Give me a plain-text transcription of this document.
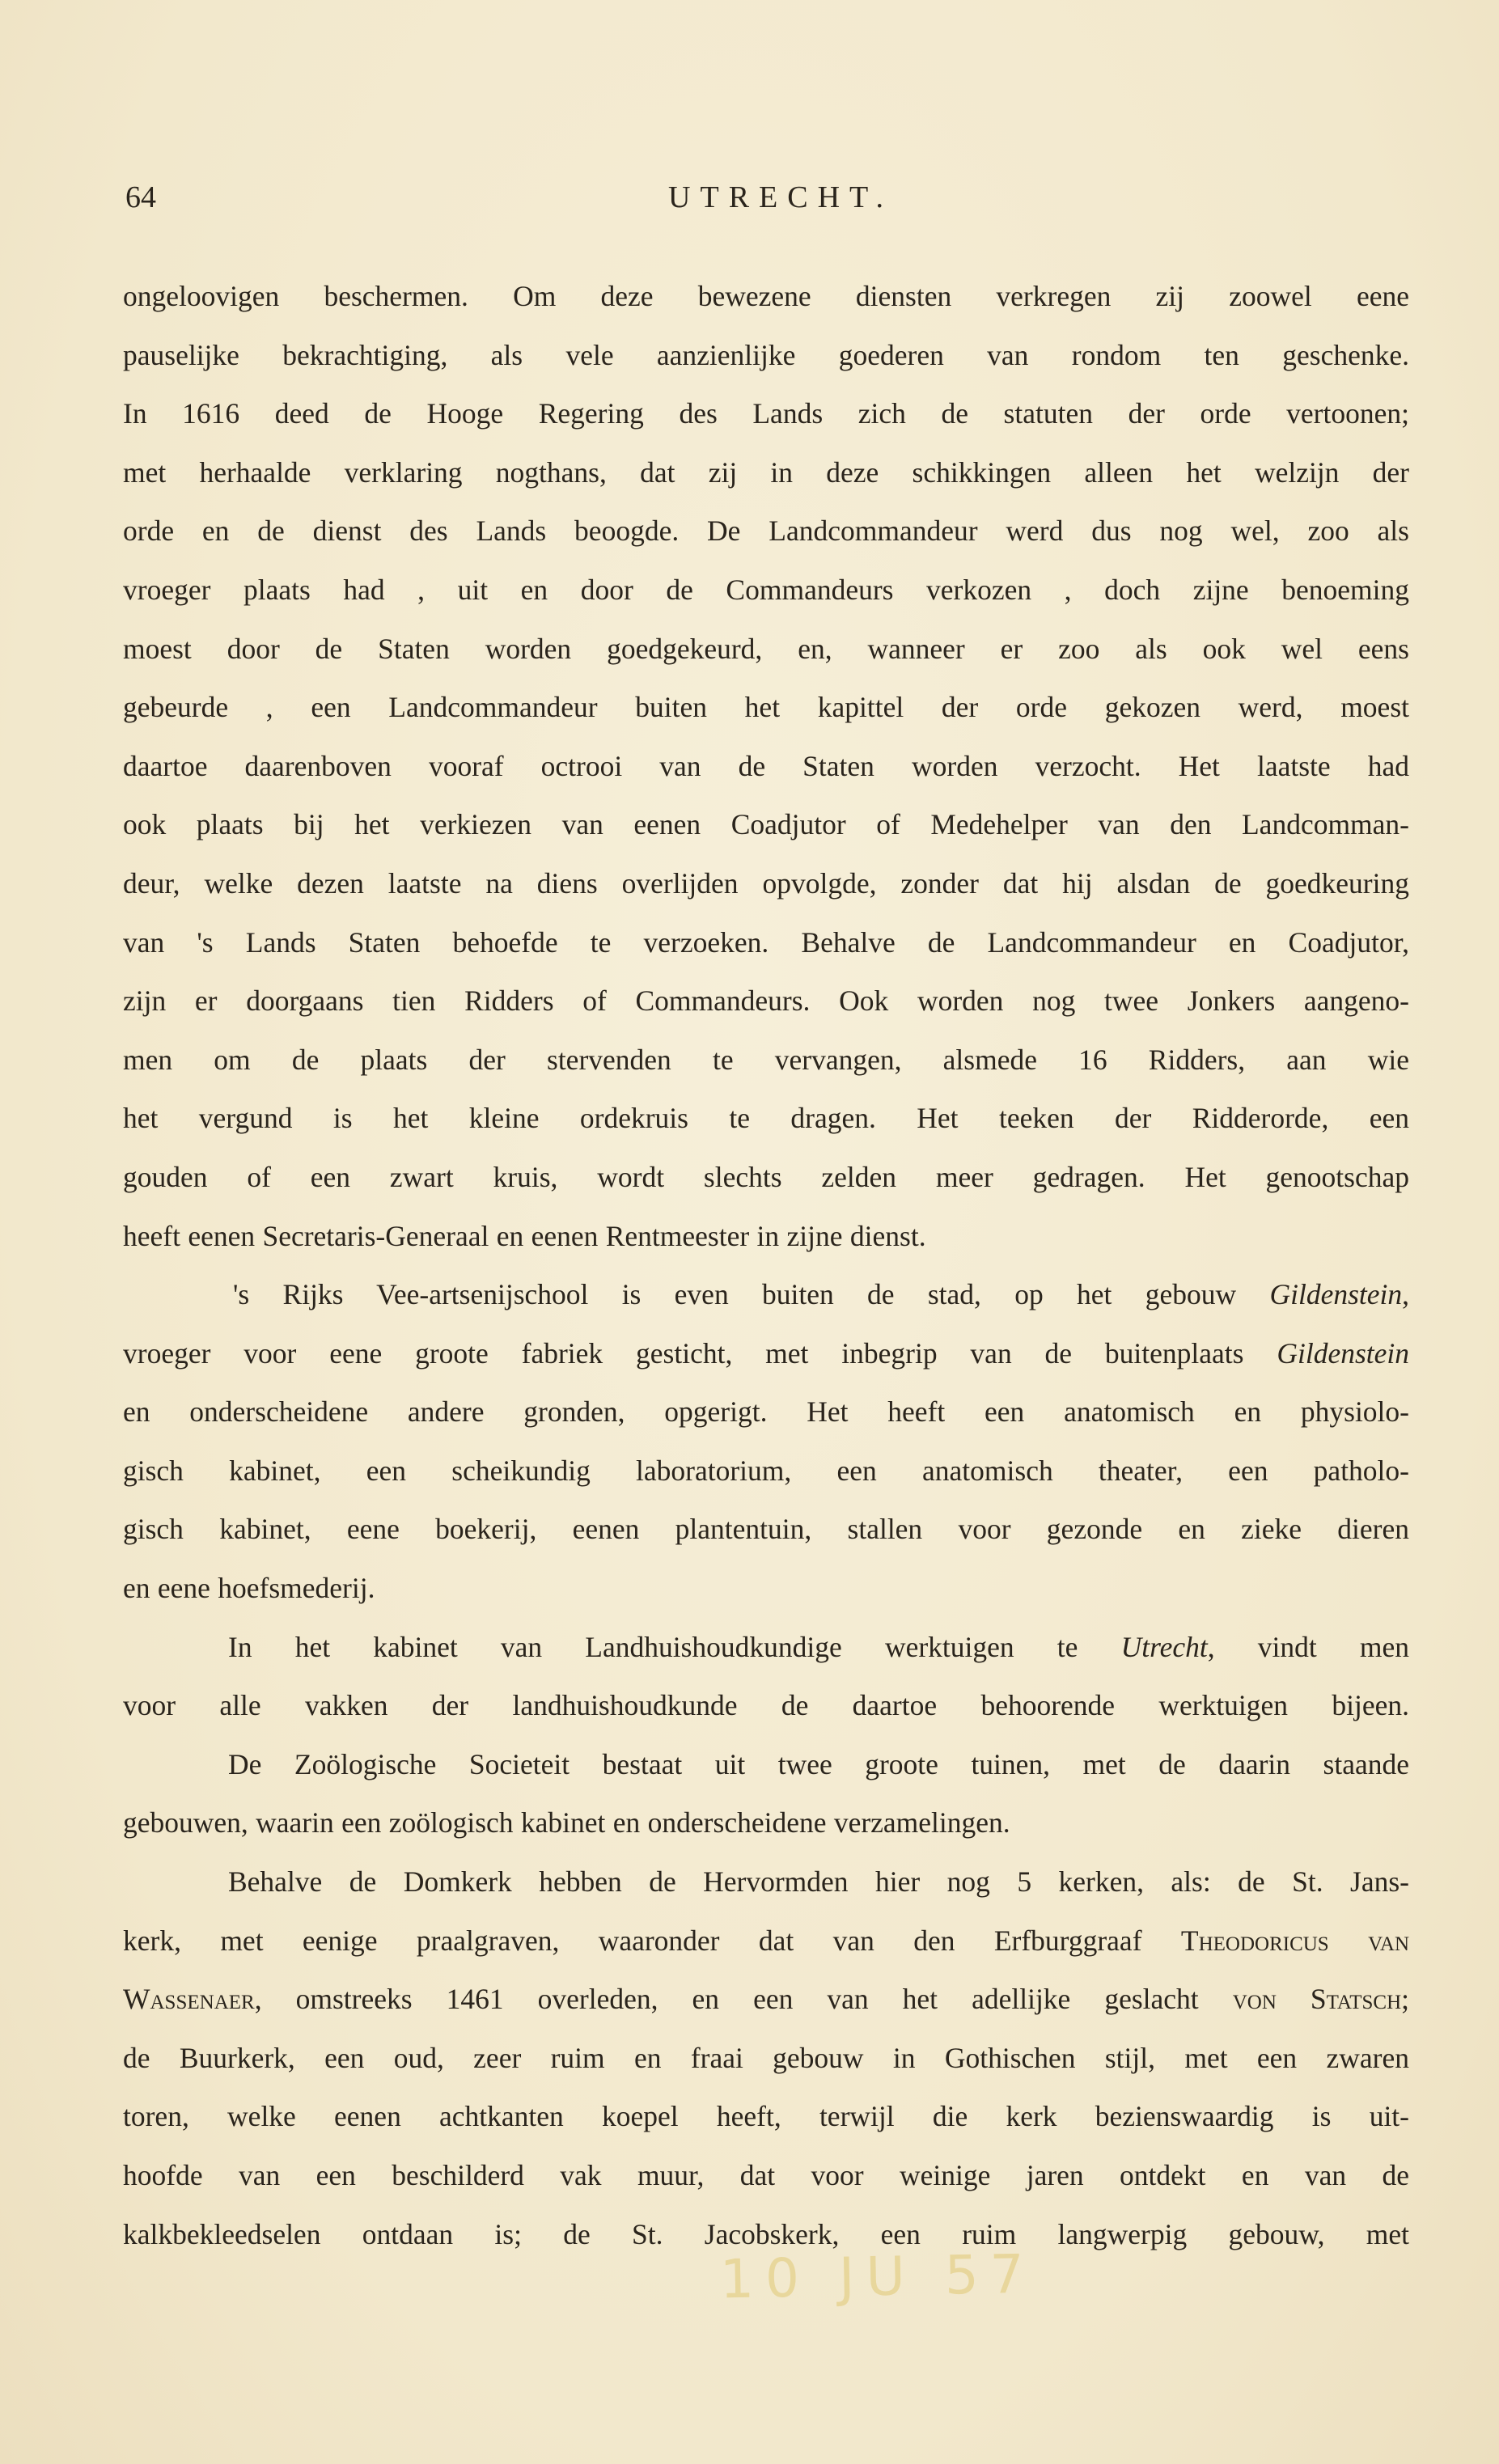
64	UTRECHT.
ongeloovigen beschermen. Om deze bewezene diensten verkregen zij zoowel eene
pauselijke bekrachtiging, als vele aanzienlijke goederen van rondom ten geschenke.
In 1616 deed de Hooge Regering des Lands zich de statuten der orde vertoonen;
met herhaalde verklaring nogthans, dat zij in deze schikkingen alleen het welzijn der
orde en de dienst des Lands beoogde. De Landcommandeur werd dus nog wel, zoo als
vroeger plaats had , uit en door de Commandeurs verkozen , doch zijne benoeming
moest door de Staten worden goedgekeurd, en, wanneer er zoo als ook wel eens
gebeurde , een Landcommandeur buiten het kapittel der orde gekozen werd, moest
daartoe daarenboven vooraf octrooi van de Staten worden verzocht. Het laatste had
ook plaats bij het verkiezen van eenen Coadjutor of Medehelper van den Landcomman-
deur, welke dezen laatste na diens overlijden opvolgde, zonder dat hij alsdan de goedkeuring
van 's Lands Staten behoefde te verzoeken. Behalve de Landcommandeur en Coadjutor,
zijn er doorgaans tien Ridders of Commandeurs. Ook worden nog twee Jonkers aangeno-
men om de plaats der stervenden te vervangen, alsmede 16 Ridders, aan wie
het vergund is het kleine ordekruis te dragen. Het teeken der Ridderorde, een
gouden of een zwart kruis, wordt slechts zelden meer gedragen. Het genootschap
heeft eenen Secretaris-Generaal en eenen Rentmeester in zijne dienst.
's Rijks Vee-artsenijschool is even buiten de stad, op het gebouw Gildenstein,
vroeger voor eene groote fabriek gesticht, met inbegrip van de buitenplaats Gildenstein
en onderscheidene andere gronden, opgerigt. Het heeft een anatomisch en physiolo-
gisch kabinet, een scheikundig laboratorium, een anatomisch theater, een patholo-
gisch kabinet, eene boekerij, eenen plantentuin, stallen voor gezonde en zieke dieren
en eene hoefsmederij.
In het kabinet van Landhuishoudkundige werktuigen te Utrecht, vindt men
voor alle vakken der landhuishoudkunde de daartoe behoorende werktuigen bijeen.
De Zoölogische Societeit bestaat uit twee groote tuinen, met de daarin staande
gebouwen, waarin een zoölogisch kabinet en onderscheidene verzamelingen.
Behalve de Domkerk hebben de Hervormden hier nog 5 kerken, als: de St. Jans-
kerk, met eenige praalgraven, waaronder dat van den Erfburggraaf Theodoricus van
Wassenaer, omstreeks 1461 overleden, en een van het adellijke geslacht von Statsch;
de Buurkerk, een oud, zeer ruim en fraai gebouw in Gothischen stijl, met een zwaren
toren, welke eenen achtkanten koepel heeft, terwijl die kerk bezienswaardig is uit-
hoofde van een beschilderd vak muur, dat voor weinige jaren ontdekt en van de
kalkbekleedselen ontdaan is; de St. Jacobskerk, een ruim langwerpig gebouw, met
10 JU 57
